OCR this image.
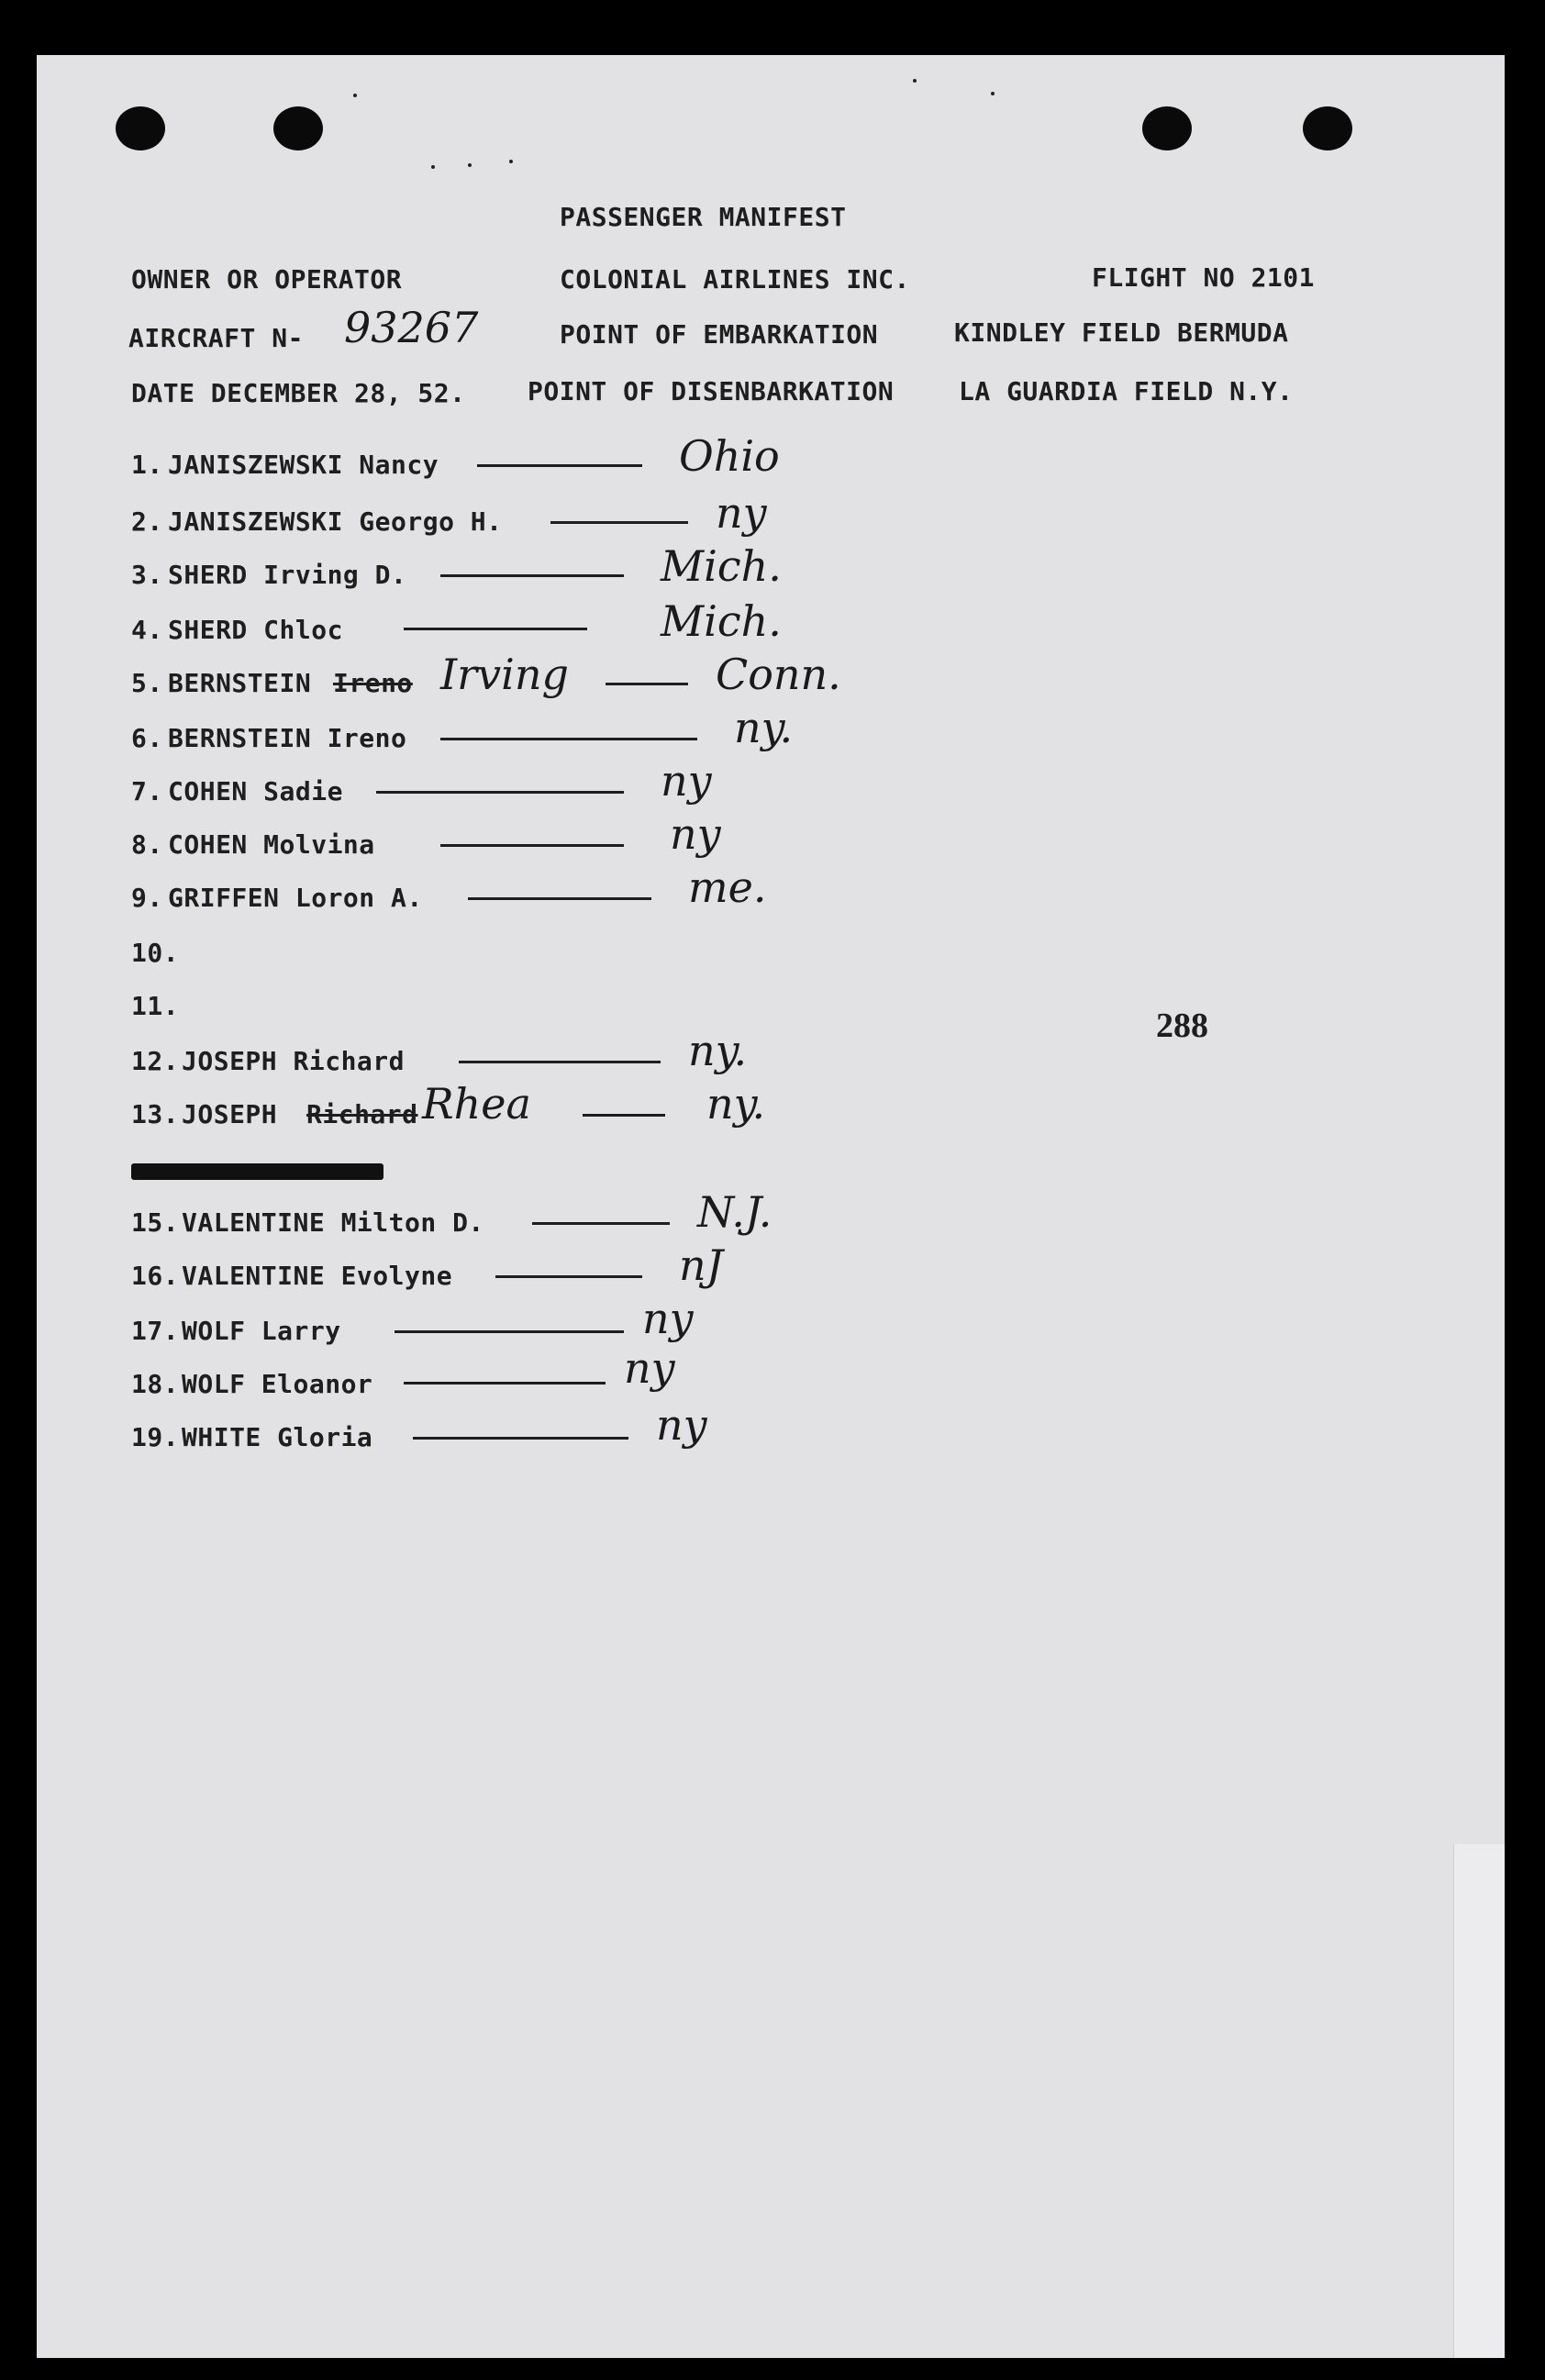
PASSENGER MANIFEST
OWNER OR OPERATOR	COLONIAL AIRLINES INC.	FLIGHT NO 2101
AIRCRAFT N- 93267	POINT OF EMBARKATION	KINDLEY FIELD BERMUDA
DATE DECEMBER 28, 52. POINT OF DISENBARKATION	LA GUARDIA FIELD N.Y.
1. JANISZEWSKI Nancy	Ohio
2. JANISZEWSKI Georgo H.	ny
3. SHERD Irving D.	Mich.
4. SHERD Chloc	Mich.
5. BERNSTEIN Ireno Irving	Conn.
6. BERNSTEIN Ireno	ny.
7. COHEN Sadie	ny
8. COHEN Molvina	ny
9. GRIFFEN Loron A.	me.
10.
11.
12. JOSEPH Richard	ny.
13. JOSEPH Richard Rhea	ny.
15. VALENTINE Milton D.	N.J.
16. VALENTINE Evolyne	nJ
17. WOLF Larry	ny
18. WOLF Eloanor	ny
19. WHITE Gloria	ny
288
